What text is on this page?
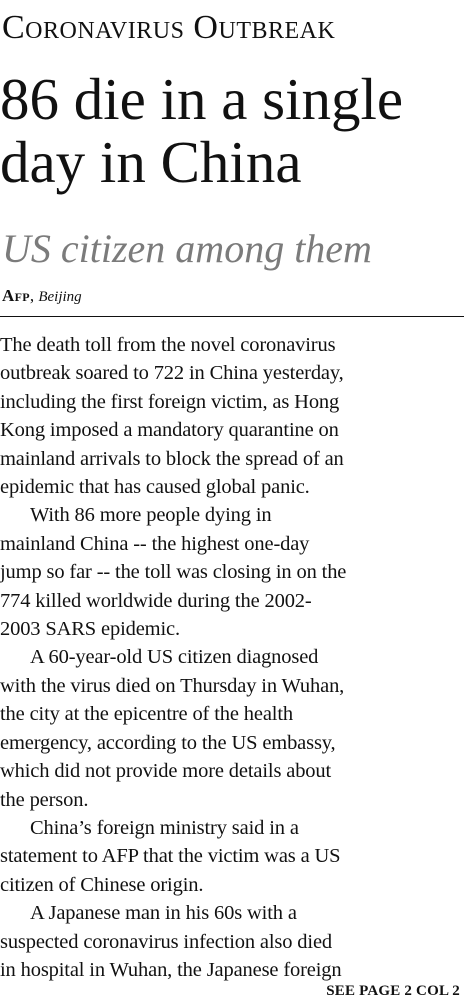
Coronavirus Outbreak
86 die in a single
day in China
US citizen among them
Afp, Beijing

The death toll from the novel coronavirus
outbreak soared to 722 in China yesterday,
including the first foreign victim, as Hong
Kong imposed a mandatory quarantine on
mainland arrivals to block the spread of an
epidemic that has caused global panic.

With 86 more people dying in
mainland China -- the highest one-day
jump so far -- the toll was closing in on the
774 killed worldwide during the 2002-
2003 SARS epidemic.

A 60-year-old US citizen diagnosed
with the virus died on Thursday in Wuhan,
the city at the epicentre of the health
emergency, according to the US embassy,
which did not provide more details about
the person.

China’s foreign ministry said in a
statement to AFP that the victim was a US
citizen of Chinese origin.

A Japanese man in his 60s with a
suspected coronavirus infection also died
in hospital in Wuhan, the Japanese foreign

SEE PAGE 2 COL 2
